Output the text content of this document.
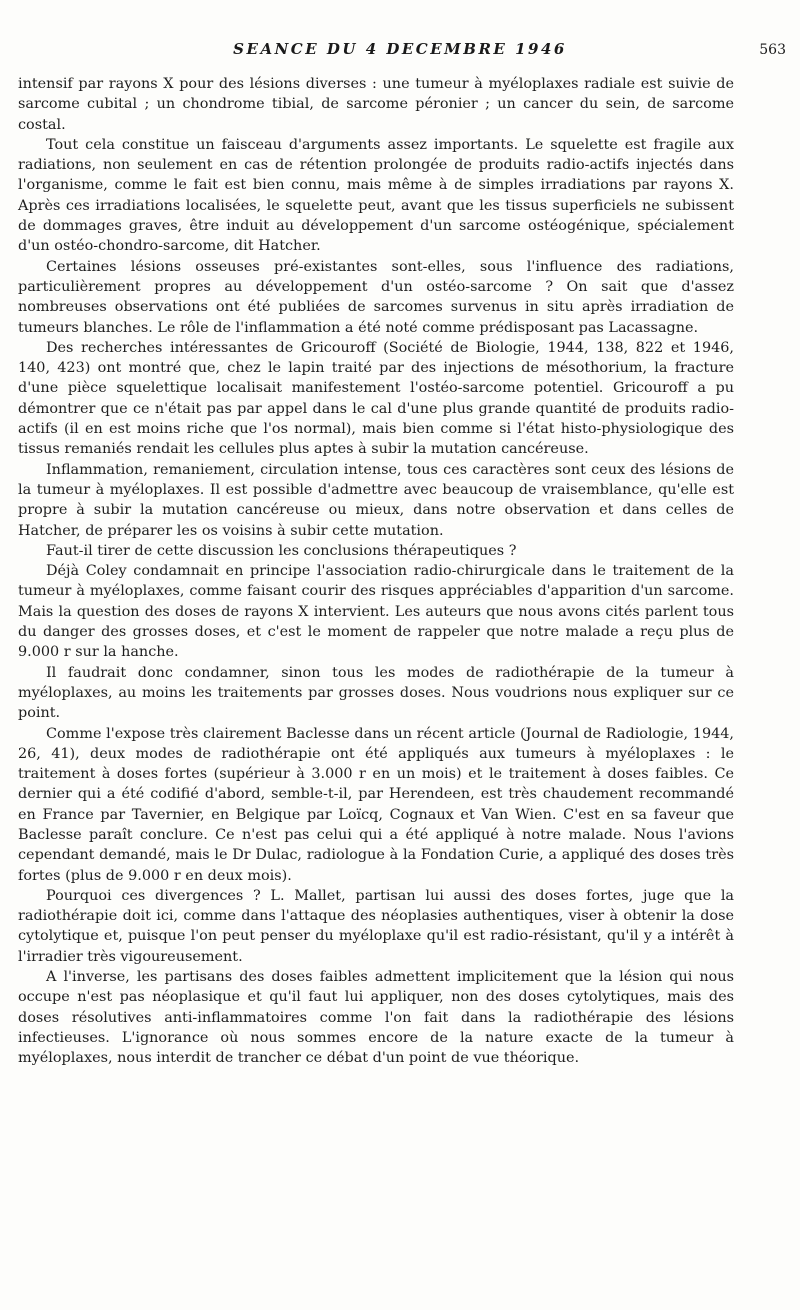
SEANCE DU 4 DECEMBRE 1946	563

intensif par rayons X pour des lésions diverses : une tumeur à myéloplaxes radiale est suivie de sarcome cubital ; un chondrome tibial, de sarcome péronier ; un cancer du sein, de sarcome costal.

Tout cela constitue un faisceau d'arguments assez importants. Le squelette est fragile aux radiations, non seulement en cas de rétention prolongée de produits radio-actifs injectés dans l'organisme, comme le fait est bien connu, mais même à de simples irradiations par rayons X. Après ces irradiations localisées, le squelette peut, avant que les tissus superficiels ne subissent de dommages graves, être induit au développement d'un sarcome ostéogénique, spécialement d'un ostéo-chondro-sarcome, dit Hatcher.

Certaines lésions osseuses pré-existantes sont-elles, sous l'influence des radiations, particulièrement propres au développement d'un ostéo-sarcome ? On sait que d'assez nombreuses observations ont été publiées de sarcomes survenus in situ après irradiation de tumeurs blanches. Le rôle de l'inflammation a été noté comme prédisposant pas Lacassagne.

Des recherches intéressantes de Gricouroff (Société de Biologie, 1944, 138, 822 et 1946, 140, 423) ont montré que, chez le lapin traité par des injections de mésothorium, la fracture d'une pièce squelettique localisait manifestement l'ostéo-sarcome potentiel. Gricouroff a pu démontrer que ce n'était pas par appel dans le cal d'une plus grande quantité de produits radio-actifs (il en est moins riche que l'os normal), mais bien comme si l'état histo-physiologique des tissus remaniés rendait les cellules plus aptes à subir la mutation cancéreuse.

Inflammation, remaniement, circulation intense, tous ces caractères sont ceux des lésions de la tumeur à myéloplaxes. Il est possible d'admettre avec beaucoup de vraisemblance, qu'elle est propre à subir la mutation cancéreuse ou mieux, dans notre observation et dans celles de Hatcher, de préparer les os voisins à subir cette mutation.

Faut-il tirer de cette discussion les conclusions thérapeutiques ?

Déjà Coley condamnait en principe l'association radio-chirurgicale dans le traitement de la tumeur à myéloplaxes, comme faisant courir des risques appréciables d'apparition d'un sarcome. Mais la question des doses de rayons X intervient. Les auteurs que nous avons cités parlent tous du danger des grosses doses, et c'est le moment de rappeler que notre malade a reçu plus de 9.000 r sur la hanche.

Il faudrait donc condamner, sinon tous les modes de radiothérapie de la tumeur à myéloplaxes, au moins les traitements par grosses doses. Nous voudrions nous expliquer sur ce point.

Comme l'expose très clairement Baclesse dans un récent article (Journal de Radiologie, 1944, 26, 41), deux modes de radiothérapie ont été appliqués aux tumeurs à myéloplaxes : le traitement à doses fortes (supérieur à 3.000 r en un mois) et le traitement à doses faibles. Ce dernier qui a été codifié d'abord, semble-t-il, par Herendeen, est très chaudement recommandé en France par Tavernier, en Belgique par Loïcq, Cognaux et Van Wien. C'est en sa faveur que Baclesse paraît conclure. Ce n'est pas celui qui a été appliqué à notre malade. Nous l'avions cependant demandé, mais le Dr Dulac, radiologue à la Fondation Curie, a appliqué des doses très fortes (plus de 9.000 r en deux mois).

Pourquoi ces divergences ? L. Mallet, partisan lui aussi des doses fortes, juge que la radiothérapie doit ici, comme dans l'attaque des néoplasies authentiques, viser à obtenir la dose cytolytique et, puisque l'on peut penser du myéloplaxe qu'il est radio-résistant, qu'il y a intérêt à l'irradier très vigoureusement.

A l'inverse, les partisans des doses faibles admettent implicitement que la lésion qui nous occupe n'est pas néoplasique et qu'il faut lui appliquer, non des doses cytolytiques, mais des doses résolutives anti-inflammatoires comme l'on fait dans la radiothérapie des lésions infectieuses. L'ignorance où nous sommes encore de la nature exacte de la tumeur à myéloplaxes, nous interdit de trancher ce débat d'un point de vue théorique.
